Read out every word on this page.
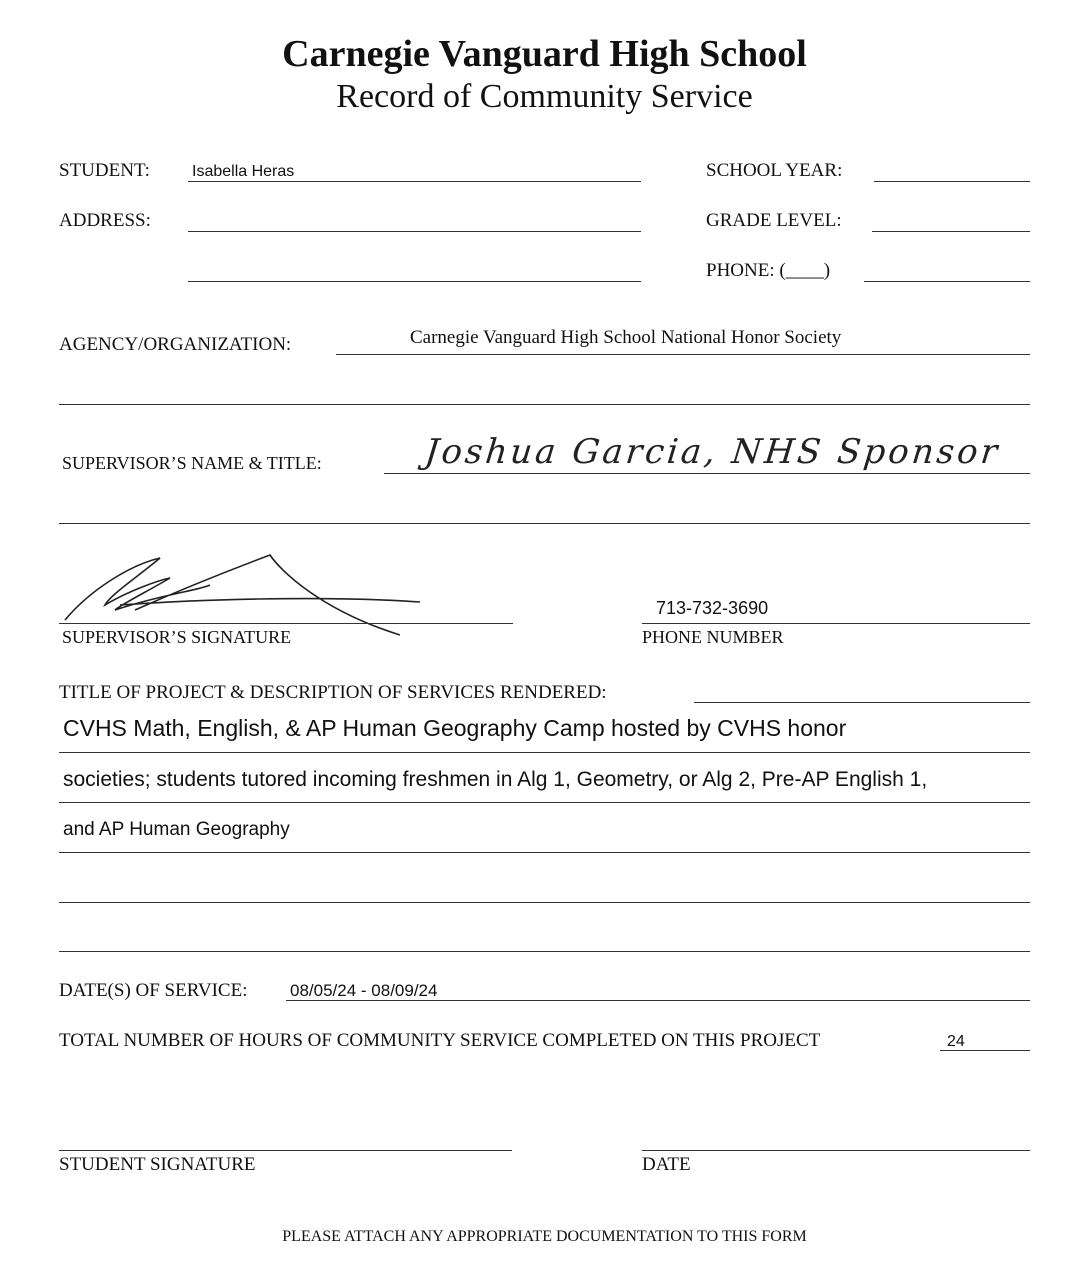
Carnegie Vanguard High School
Record of Community Service
STUDENT:	Isabella Heras	SCHOOL YEAR:
ADDRESS:	GRADE LEVEL:
PHONE: (____)
AGENCY/ORGANIZATION:	Carnegie Vanguard High School National Honor Society
SUPERVISOR’S NAME & TITLE:	Joshua Garcia, NHS Sponsor
SUPERVISOR’S SIGNATURE
713-732-3690
PHONE NUMBER
TITLE OF PROJECT & DESCRIPTION OF SERVICES RENDERED:
CVHS Math, English, & AP Human Geography Camp hosted by CVHS honor
societies; students tutored incoming freshmen in Alg 1, Geometry, or Alg 2, Pre-AP English 1,
and AP Human Geography
DATE(S) OF SERVICE:	08/05/24 - 08/09/24
TOTAL NUMBER OF HOURS OF COMMUNITY SERVICE COMPLETED ON THIS PROJECT	24
STUDENT SIGNATURE	DATE
PLEASE ATTACH ANY APPROPRIATE DOCUMENTATION TO THIS FORM
